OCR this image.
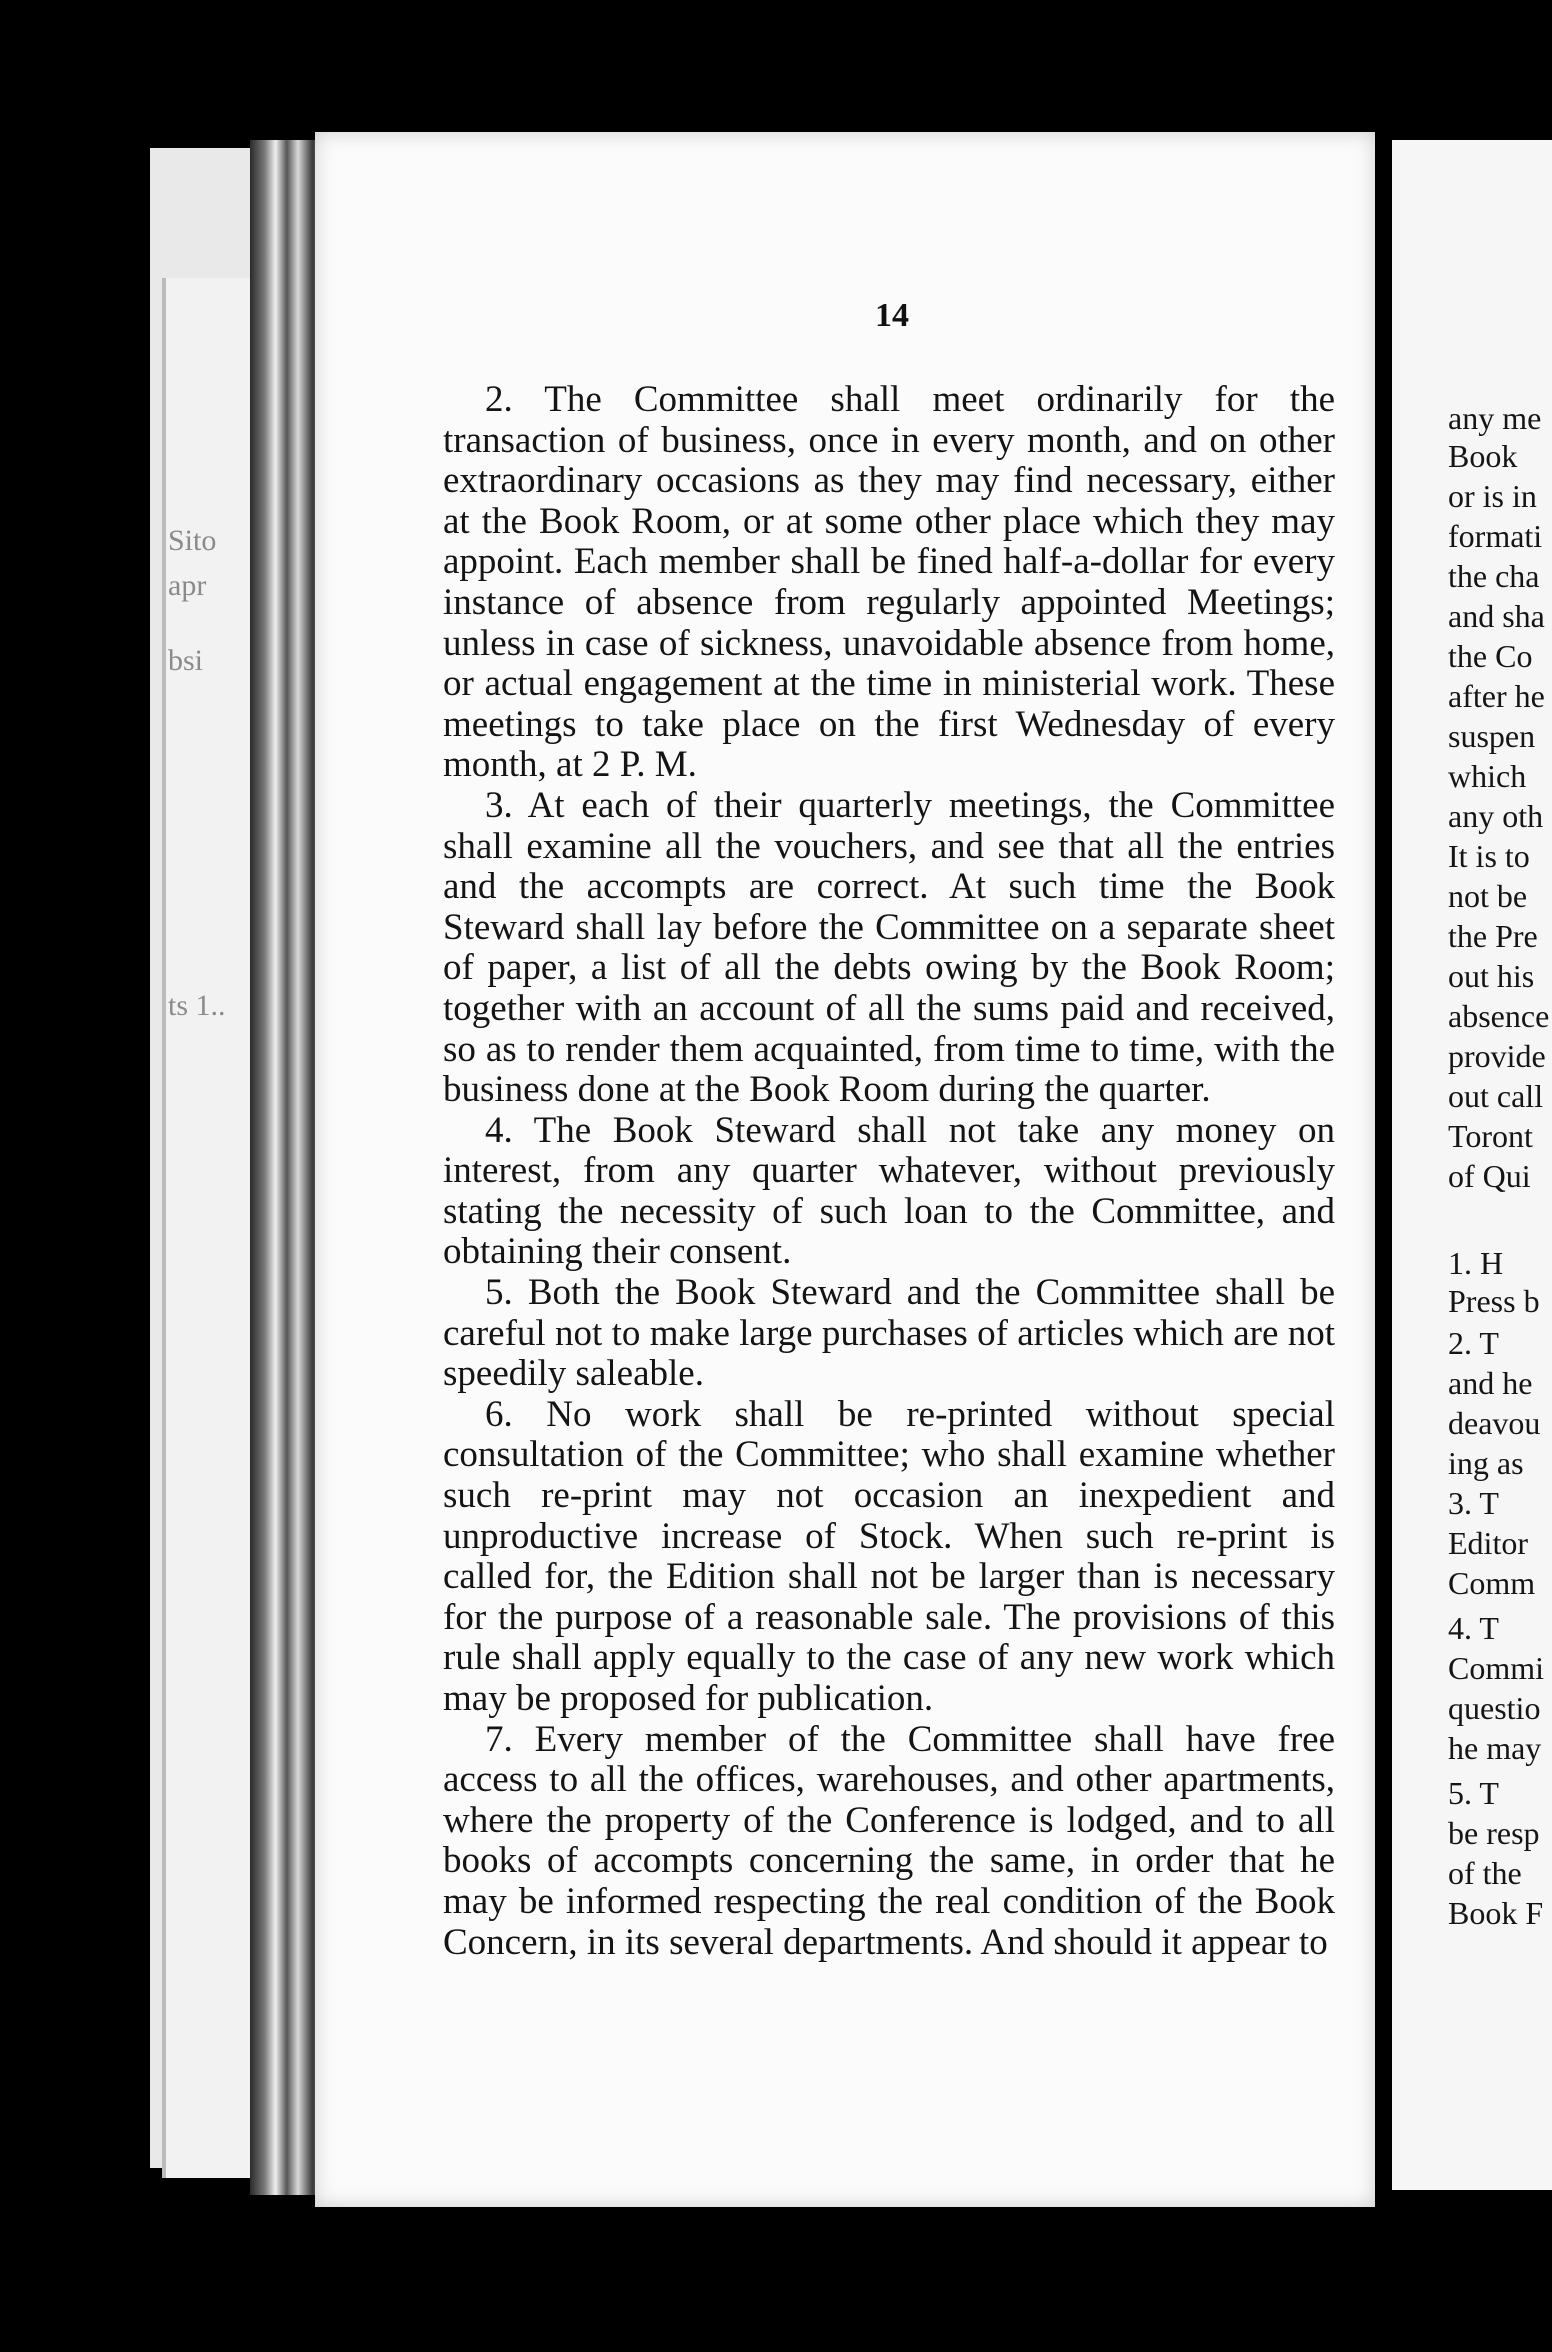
Sito
apr
bsi
ts 1..
14

2. The Committee shall meet ordinarily for the transaction of business, once in every month, and on other extraordinary occasions as they may find necessary, either at the Book Room, or at some other place which they may appoint. Each member shall be fined half-a-dollar for every instance of absence from regularly appointed Meetings; unless in case of sickness, unavoidable absence from home, or actual engagement at the time in ministerial work. These meetings to take place on the first Wednesday of every month, at 2 P. M.

3. At each of their quarterly meetings, the Committee shall examine all the vouchers, and see that all the entries and the accompts are correct. At such time the Book Steward shall lay before the Committee on a separate sheet of paper, a list of all the debts owing by the Book Room; together with an account of all the sums paid and received, so as to render them acquainted, from time to time, with the business done at the Book Room during the quarter.

4. The Book Steward shall not take any money on interest, from any quarter whatever, without previously stating the necessity of such loan to the Committee, and obtaining their consent.

5. Both the Book Steward and the Committee shall be careful not to make large purchases of articles which are not speedily saleable.

6. No work shall be re-printed without special consultation of the Committee; who shall examine whether such re-print may not occasion an inexpedient and unproductive increase of Stock. When such re-print is called for, the Edition shall not be larger than is necessary for the purpose of a reasonable sale. The provisions of this rule shall apply equally to the case of any new work which may be proposed for publication.

7. Every member of the Committee shall have free access to all the offices, warehouses, and other apartments, where the property of the Conference is lodged, and to all books of accompts concerning the same, in order that he may be informed respecting the real condition of the Book Concern, in its several departments. And should it appear to

any me
Book
or is in
formati
the cha
and sha
the Co
after he
suspen
which
any oth
It is to
not be
the Pre
out his
absence
provide
out call
Toront
of Qui
1. H
Press b
2. T
and he
deavou
ing as
3. T
Editor
Comm
4. T
Commi
questio
he may
5. T
be resp
of the
Book F
